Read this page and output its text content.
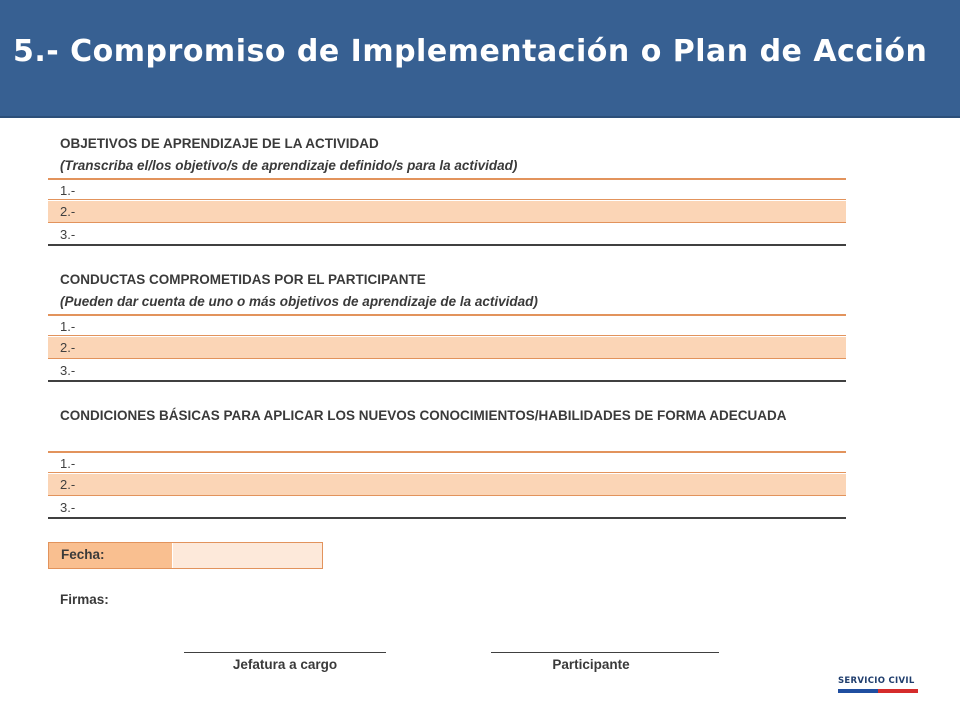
5.- Compromiso de Implementación o Plan de Acción
OBJETIVOS DE APRENDIZAJE DE LA ACTIVIDAD
(Transcriba el/los objetivo/s de aprendizaje definido/s para la actividad)
1.-
2.-
3.-
CONDUCTAS COMPROMETIDAS POR EL PARTICIPANTE
(Pueden dar cuenta de uno o más objetivos de aprendizaje de la actividad)
1.-
2.-
3.-
CONDICIONES BÁSICAS PARA APLICAR LOS NUEVOS CONOCIMIENTOS/HABILIDADES DE FORMA ADECUADA
1.-
2.-
3.-
Fecha:
Firmas:
Jefatura a cargo	Participante
SERVICIO CIVIL
